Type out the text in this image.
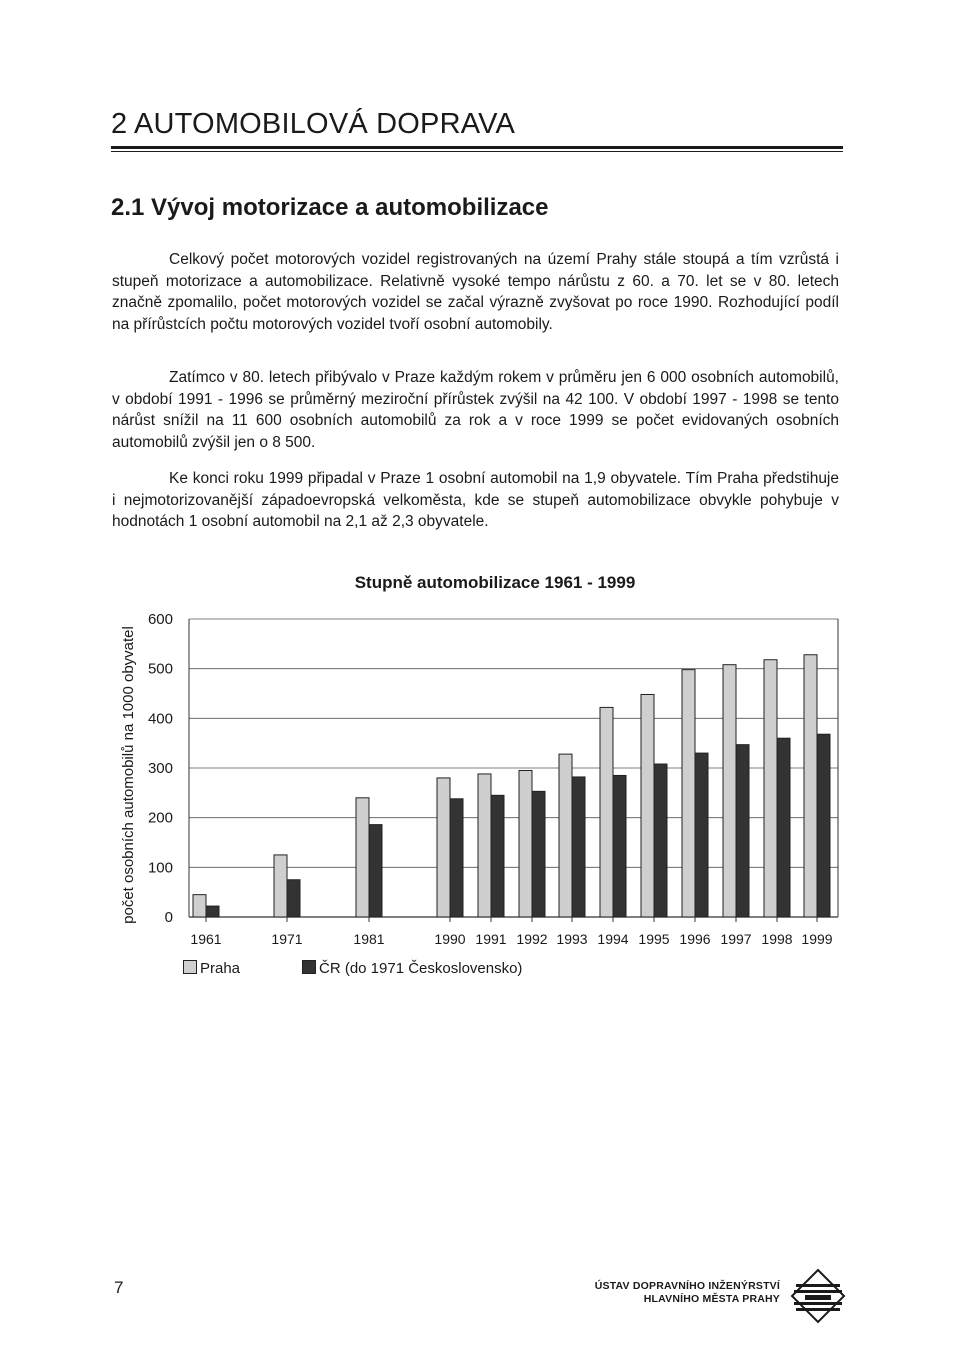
2 AUTOMOBILOVÁ DOPRAVA
2.1 Vývoj motorizace a automobilizace

Celkový počet motorových vozidel registrovaných na území Prahy stále stoupá a tím vzrůstá i stupeň motorizace a automobilizace. Relativně vysoké tempo nárůstu z 60. a 70. let se v 80. letech značně zpomalilo, počet motorových vozidel se začal výrazně zvyšovat po roce 1990. Rozhodující podíl na přírůstcích počtu motorových vozidel tvoří osobní automobily.

Zatímco v 80. letech přibývalo v Praze každým rokem v průměru jen 6 000 osobních automobilů, v období 1991 - 1996 se průměrný meziroční přírůstek zvýšil na 42 100. V období 1997 - 1998 se tento nárůst snížil na 11 600 osobních automobilů za rok a v roce 1999 se počet evidovaných osobních automobilů zvýšil jen o 8 500.

Ke konci roku 1999 připadal v Praze 1 osobní automobil na 1,9 obyvatele. Tím Praha předstihuje i nejmotorizovanější západoevropská velkoměsta, kde se stupeň automobilizace obvykle pohybuje v hodnotách 1 osobní automobil na 2,1 až 2,3 obyvatele.

Stupně automobilizace 1961 - 1999
0
100
200
300
400
500
600
1961	1971	1981	1990 1991 1992 1993 1994 1995 1996 1997 1998 1999
počet osobních automobilů na 1000 obyvatel
Praha	ČR (do 1971 Československo)
7	ÚSTAV DOPRAVNÍHO INŽENÝRSTVÍ
HLAVNÍHO MĚSTA PRAHY
